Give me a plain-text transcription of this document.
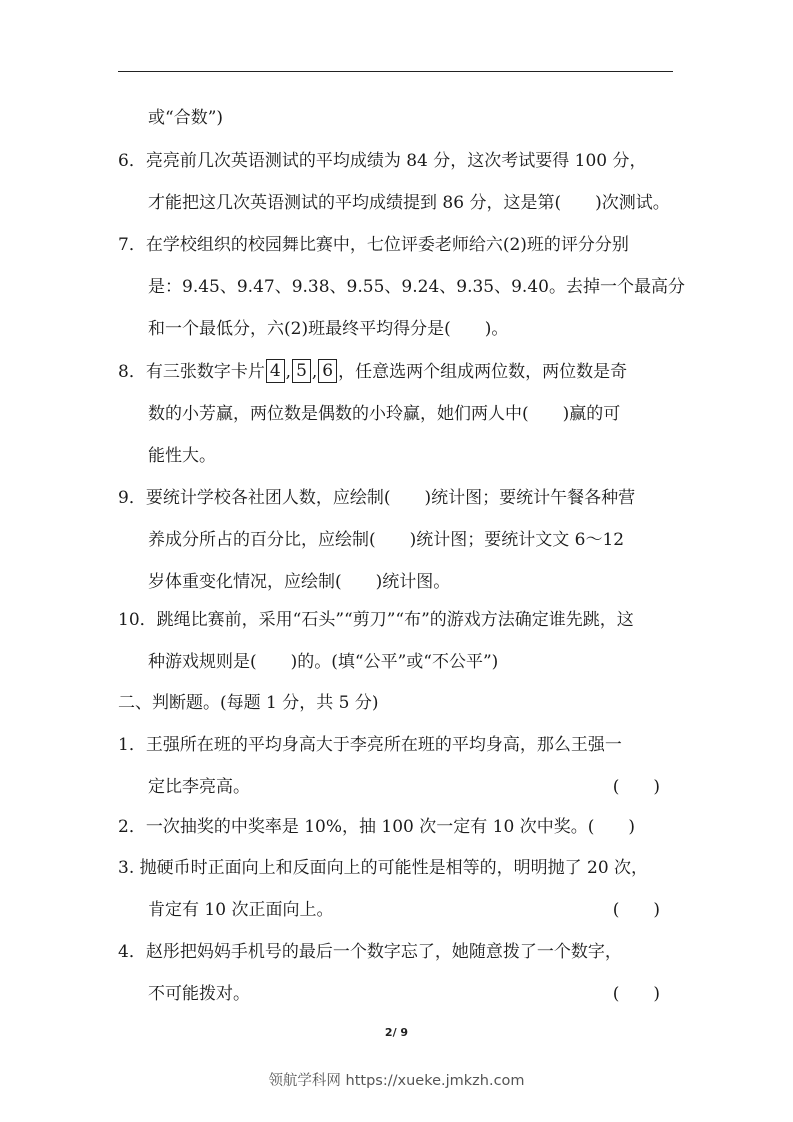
或“合数”)
6．亮亮前几次英语测试的平均成绩为 84 分，这次考试要得 100 分，
才能把这几次英语测试的平均成绩提到 86 分，这是第(　　)次测试。
7．在学校组织的校园舞比赛中，七位评委老师给六(2)班的评分分别
是：9.45、9.47、9.38、9.55、9.24、9.35、9.40。去掉一个最高分
和一个最低分，六(2)班最终平均得分是(　　)。
8．有三张数字卡片 4 , 5 , 6 ，任意选两个组成两位数，两位数是奇
数的小芳赢，两位数是偶数的小玲赢，她们两人中(　　)赢的可
能性大。
9．要统计学校各社团人数，应绘制(　　)统计图；要统计午餐各种营
养成分所占的百分比，应绘制(　　)统计图；要统计文文 6～12
岁体重变化情况，应绘制(　　)统计图。
10．跳绳比赛前，采用“石头”“剪刀”“布”的游戏方法确定谁先跳，这
种游戏规则是(　　)的。(填“公平”或“不公平”)
二、判断题。(每题 1 分，共 5 分)
1．王强所在班的平均身高大于李亮所在班的平均身高，那么王强一
定比李亮高。	(　　)
2．一次抽奖的中奖率是 10%，抽 100 次一定有 10 次中奖。(　　)
3. 抛硬币时正面向上和反面向上的可能性是相等的，明明抛了 20 次，
肯定有 10 次正面向上。	(　　)
4．赵彤把妈妈手机号的最后一个数字忘了，她随意拨了一个数字，
不可能拨对。	(　　)
2/ 9
领航学科网 https://xueke.jmkzh.com
